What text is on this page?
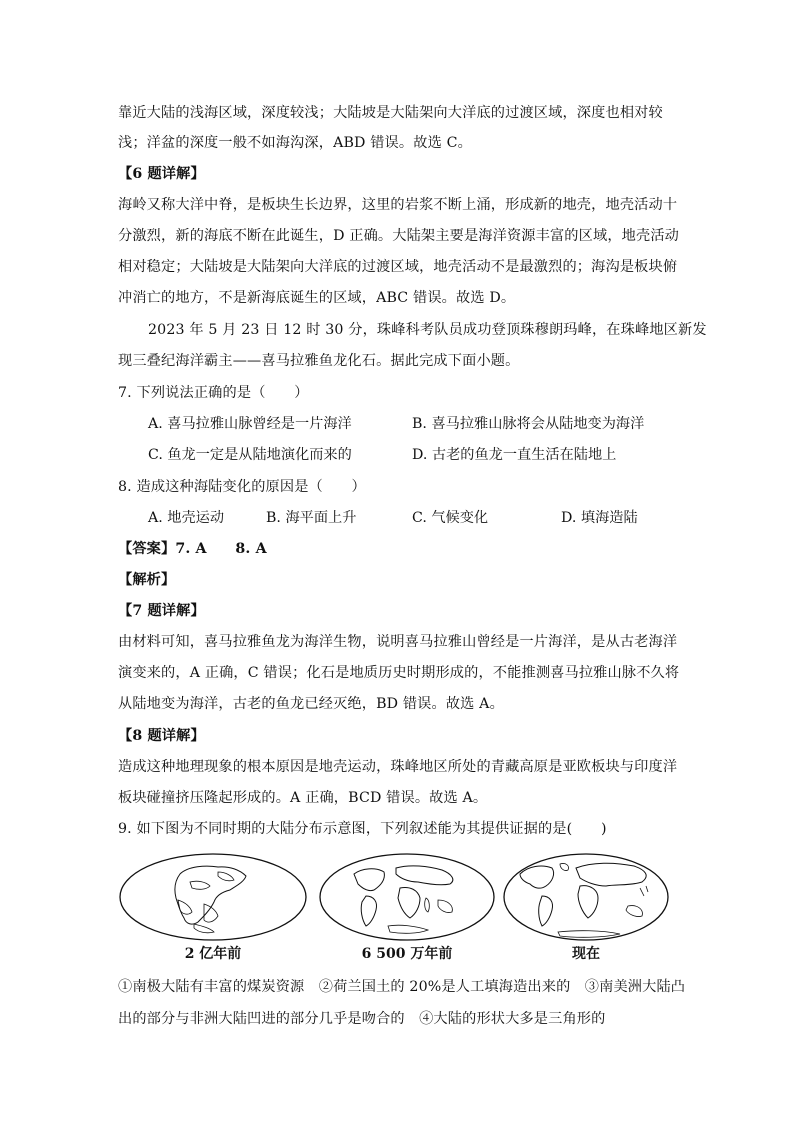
靠近大陆的浅海区域，深度较浅；大陆坡是大陆架向大洋底的过渡区域，深度也相对较
浅；洋盆的深度一般不如海沟深，ABD 错误。故选 C。
【6 题详解】
海岭又称大洋中脊，是板块生长边界，这里的岩浆不断上涌，形成新的地壳，地壳活动十
分激烈，新的海底不断在此诞生，D 正确。大陆架主要是海洋资源丰富的区域，地壳活动
相对稳定；大陆坡是大陆架向大洋底的过渡区域，地壳活动不是最激烈的；海沟是板块俯
冲消亡的地方，不是新海底诞生的区域，ABC 错误。故选 D。
2023 年 5 月 23 日 12 时 30 分，珠峰科考队员成功登顶珠穆朗玛峰，在珠峰地区新发
现三叠纪海洋霸主——喜马拉雅鱼龙化石。据此完成下面小题。
7. 下列说法正确的是（　　）
A. 喜马拉雅山脉曾经是一片海洋	B. 喜马拉雅山脉将会从陆地变为海洋
C. 鱼龙一定是从陆地演化而来的	D. 古老的鱼龙一直生活在陆地上
8. 造成这种海陆变化的原因是（　　）
A. 地壳运动	B. 海平面上升	C. 气候变化	D. 填海造陆
【答案】7. A　　8. A
【解析】
【7 题详解】
由材料可知，喜马拉雅鱼龙为海洋生物，说明喜马拉雅山曾经是一片海洋，是从古老海洋
演变来的，A 正确，C 错误；化石是地质历史时期形成的，不能推测喜马拉雅山脉不久将
从陆地变为海洋，古老的鱼龙已经灭绝，BD 错误。故选 A。
【8 题详解】
造成这种地理现象的根本原因是地壳运动，珠峰地区所处的青藏高原是亚欧板块与印度洋
板块碰撞挤压隆起形成的。A 正确，BCD 错误。故选 A。
9. 如下图为不同时期的大陆分布示意图，下列叙述能为其提供证据的是(　　)
2 亿年前	6 500 万年前	现在
①南极大陆有丰富的煤炭资源　②荷兰国土的 20%是人工填海造出来的　③南美洲大陆凸
出的部分与非洲大陆凹进的部分几乎是吻合的　④大陆的形状大多是三角形的
